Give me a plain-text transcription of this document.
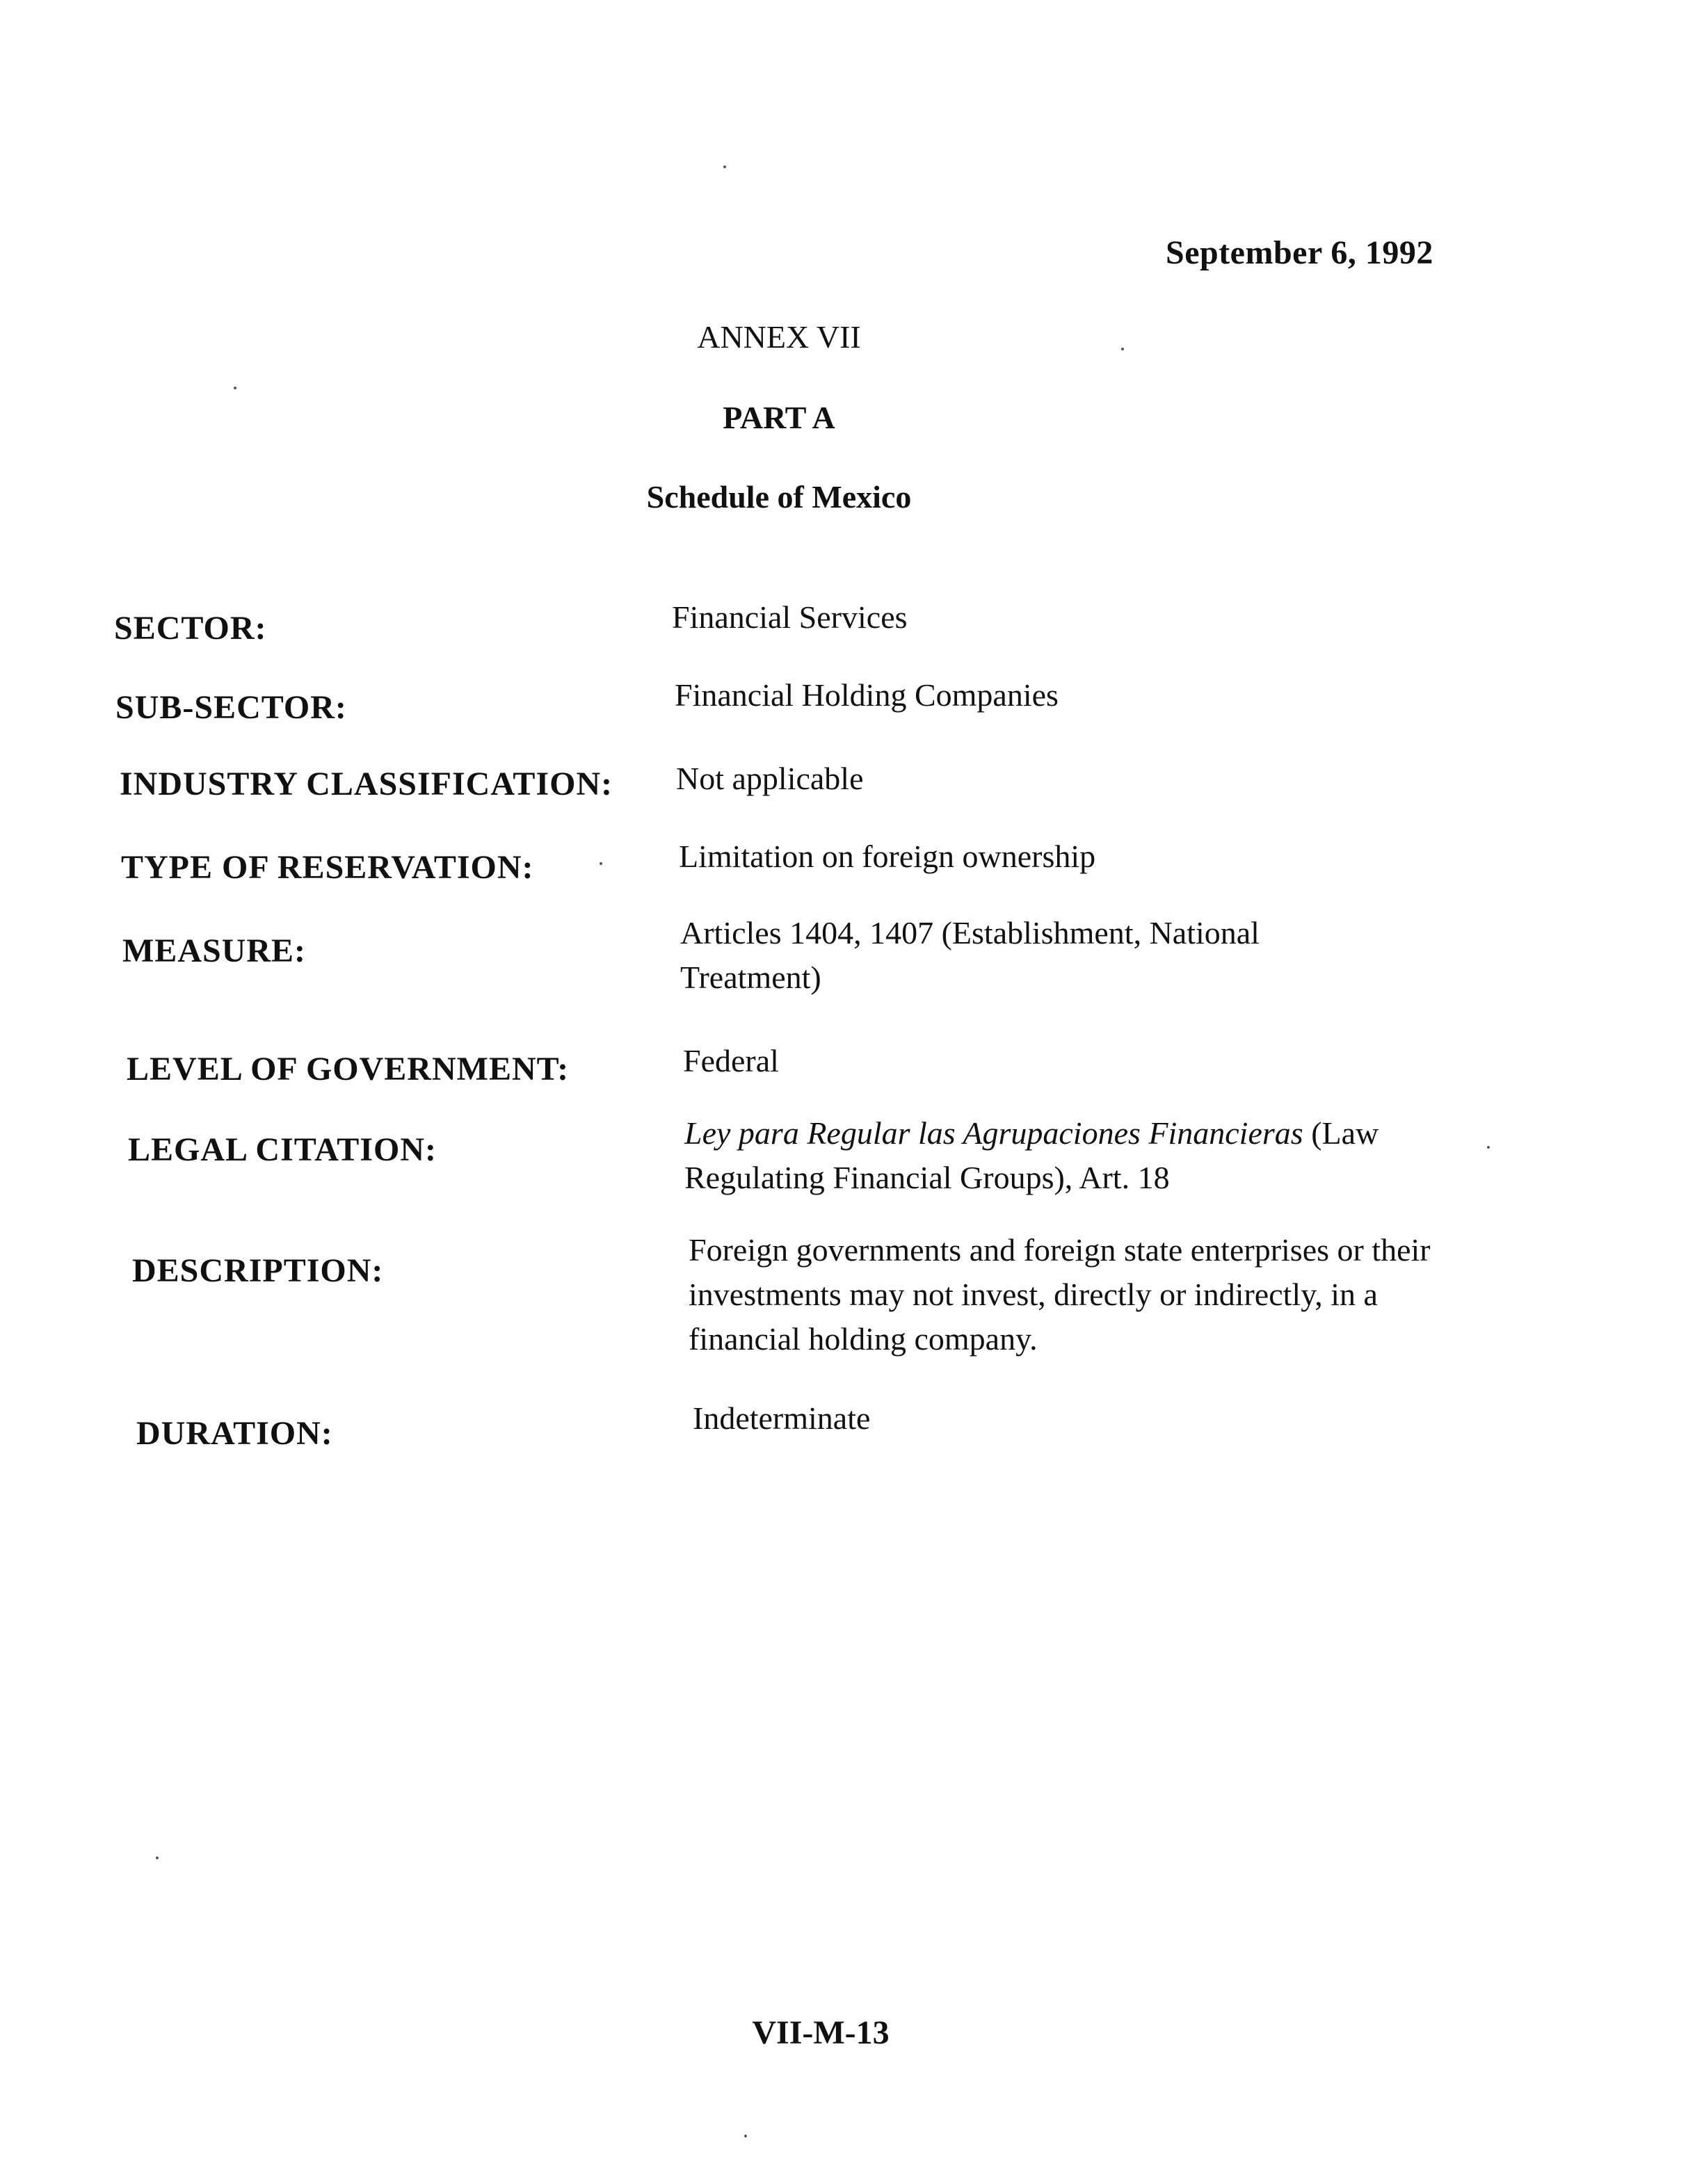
September 6, 1992
ANNEX VII
PART A
Schedule of Mexico
SECTOR:	Financial Services
SUB-SECTOR:	Financial Holding Companies
INDUSTRY CLASSIFICATION: Not applicable
TYPE OF RESERVATION:	Limitation on foreign ownership
MEASURE:	Articles 1404, 1407 (Establishment, National Treatment)
LEVEL OF GOVERNMENT:	Federal
LEGAL CITATION:	Ley para Regular las Agrupaciones Financieras (Law Regulating Financial Groups), Art. 18
DESCRIPTION:
Foreign governments and foreign state enterprises or their investments may not invest, directly or indirectly, in a financial holding company.
DURATION:	Indeterminate
VII-M-13
